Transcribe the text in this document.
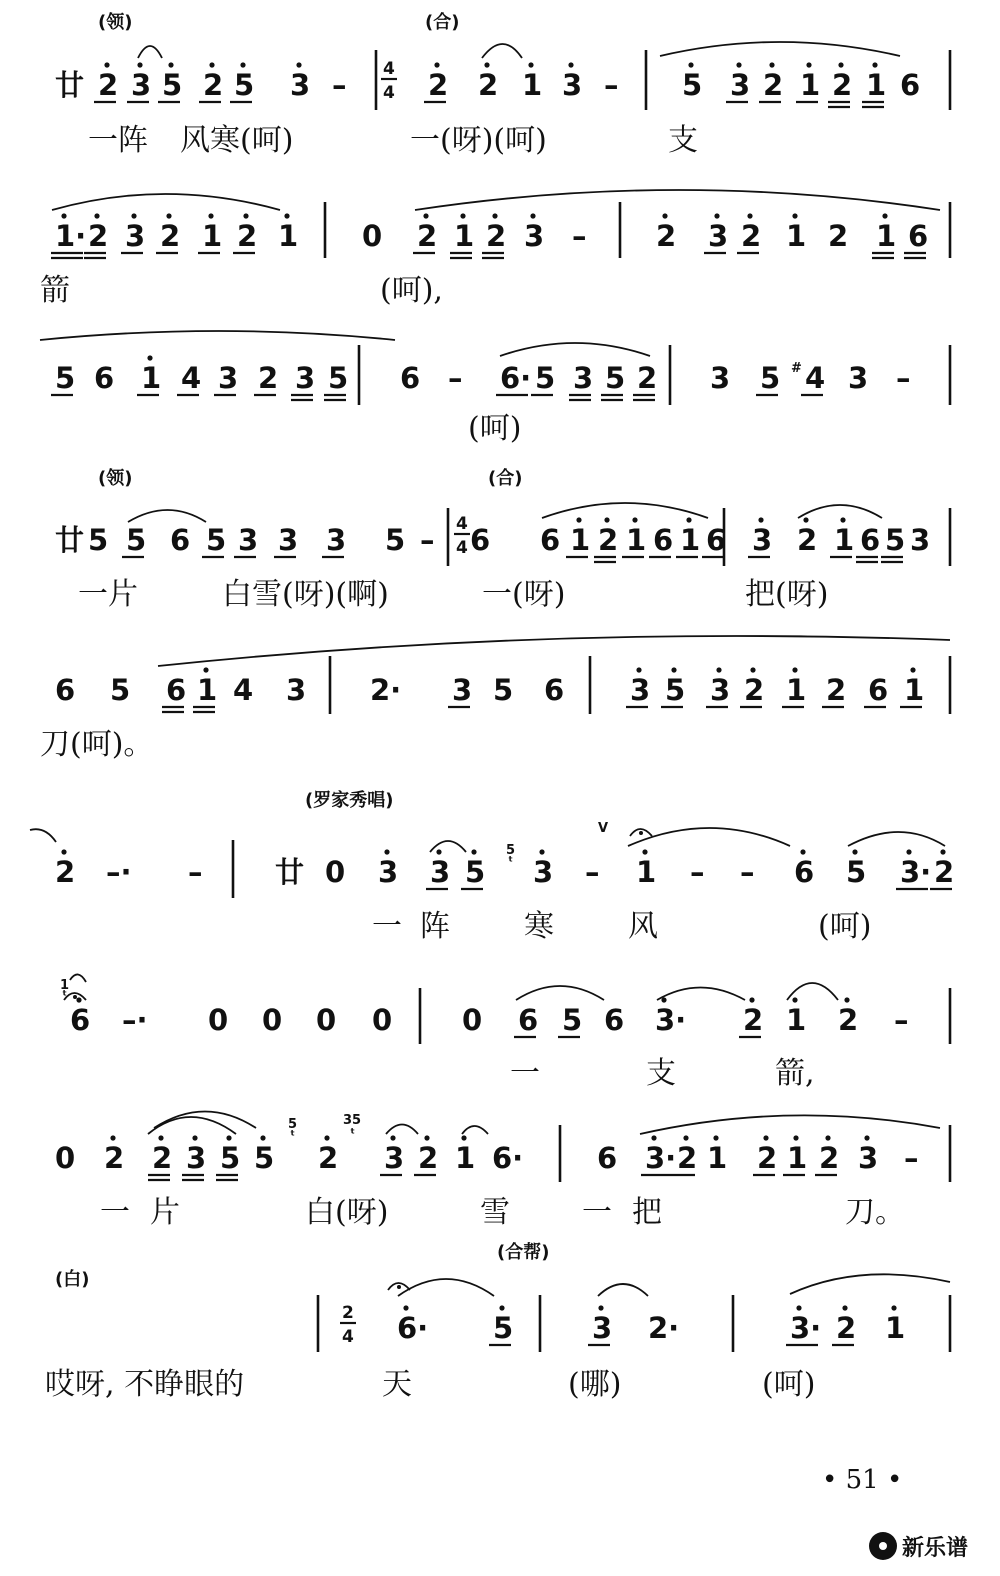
4
4
4
4
2
4
V
5
ᵗ
1
ᵗ
5
ᵗ
35
ᵗ
(领)	(合)
廿 2 3 5 2 5 3 –	2 2 1 3 – 5 3 2 1 2 1 6
一阵 风寒(呵)	一(呀)(呵)	支
1· 2 3 2 1 2 1 0 2 1 2 3 – 2 3 2 1 2 1 6
箭	(呵),
5 6 1 4 3 2 3 5 6 – 6· 5 3 5 2 3 5 4
# 3 –
(呵)
(领)	(合)
廿 5 5 6 5 3 3 3 5 – 6 6 1 2 1 6 1 6 3 2 1 6 5 3
一片	白雪(呀)(啊)	一(呀)	把(呀)
6 5 6 1 4 3 2· 3 5 6 3 5 3 2 1 2 6 1
刀(呵)。
(罗家秀唱)
2 –· –	廿 0 3 3 5 3 – 1 – – 6 5 3· 2
一 阵 寒 风	(呵)
6 –· 0 0 0 0 0 6 5 6 3· 2 1 2 –
一	支	箭,
0 2 2 3 5 5 2 3 2 1 6·	6 3· 2 1 2 1 2 3 –
一 片	白(呀)	雪 一 把	刀。
(白)
(合帮)
6· 5	3 2·	3· 2 1
哎呀, 不睁眼的	天	(哪)	(呵)
• 51 •
新乐谱
